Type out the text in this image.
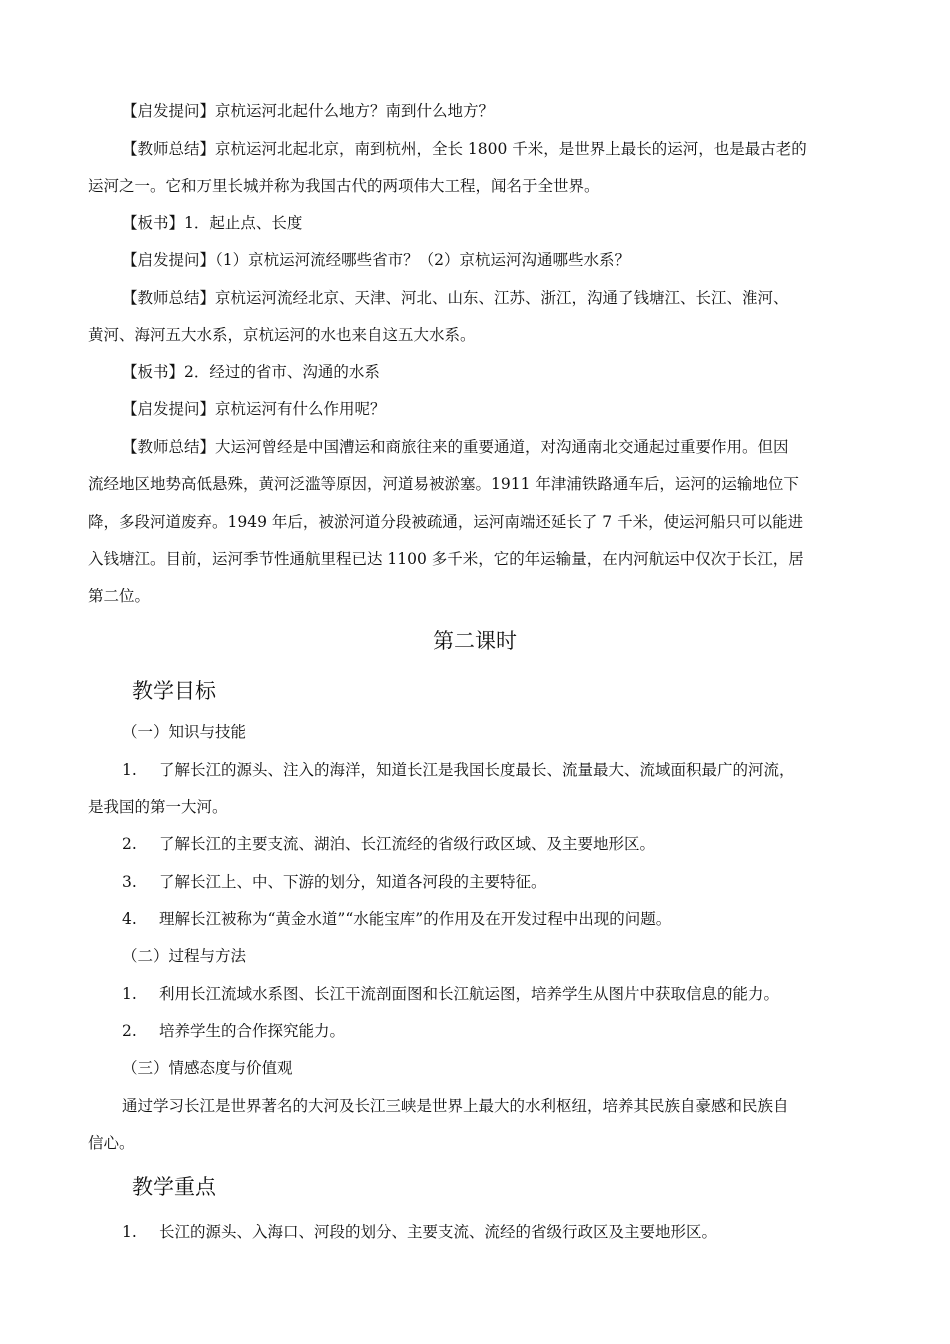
【启发提问】京杭运河北起什么地方？南到什么地方？
【教师总结】京杭运河北起北京，南到杭州，全长 1800 千米，是世界上最长的运河，也是最古老的
运河之一。它和万里长城并称为我国古代的两项伟大工程，闻名于全世界。
【板书】1．起止点、长度
【启发提问】（1）京杭运河流经哪些省市？（2）京杭运河沟通哪些水系？
【教师总结】京杭运河流经北京、天津、河北、山东、江苏、浙江，沟通了钱塘江、长江、淮河、
黄河、海河五大水系，京杭运河的水也来自这五大水系。
【板书】2．经过的省市、沟通的水系
【启发提问】京杭运河有什么作用呢？
【教师总结】大运河曾经是中国漕运和商旅往来的重要通道，对沟通南北交通起过重要作用。但因
流经地区地势高低悬殊，黄河泛滥等原因，河道易被淤塞。1911 年津浦铁路通车后，运河的运输地位下
降，多段河道废弃。1949 年后，被淤河道分段被疏通，运河南端还延长了 7 千米，使运河船只可以能进
入钱塘江。目前，运河季节性通航里程已达 1100 多千米，它的年运输量，在内河航运中仅次于长江，居
第二位。
第二课时
教学目标
（一）知识与技能
1. 了解长江的源头、注入的海洋，知道长江是我国长度最长、流量最大、流域面积最广的河流，
是我国的第一大河。
2. 了解长江的主要支流、湖泊、长江流经的省级行政区域、及主要地形区。
3. 了解长江上、中、下游的划分，知道各河段的主要特征。
4. 理解长江被称为“黄金水道”“水能宝库”的作用及在开发过程中出现的问题。
（二）过程与方法
1. 利用长江流域水系图、长江干流剖面图和长江航运图，培养学生从图片中获取信息的能力。
2. 培养学生的合作探究能力。
（三）情感态度与价值观
通过学习长江是世界著名的大河及长江三峡是世界上最大的水利枢纽，培养其民族自豪感和民族自
信心。
教学重点
1. 长江的源头、入海口、河段的划分、主要支流、流经的省级行政区及主要地形区。
